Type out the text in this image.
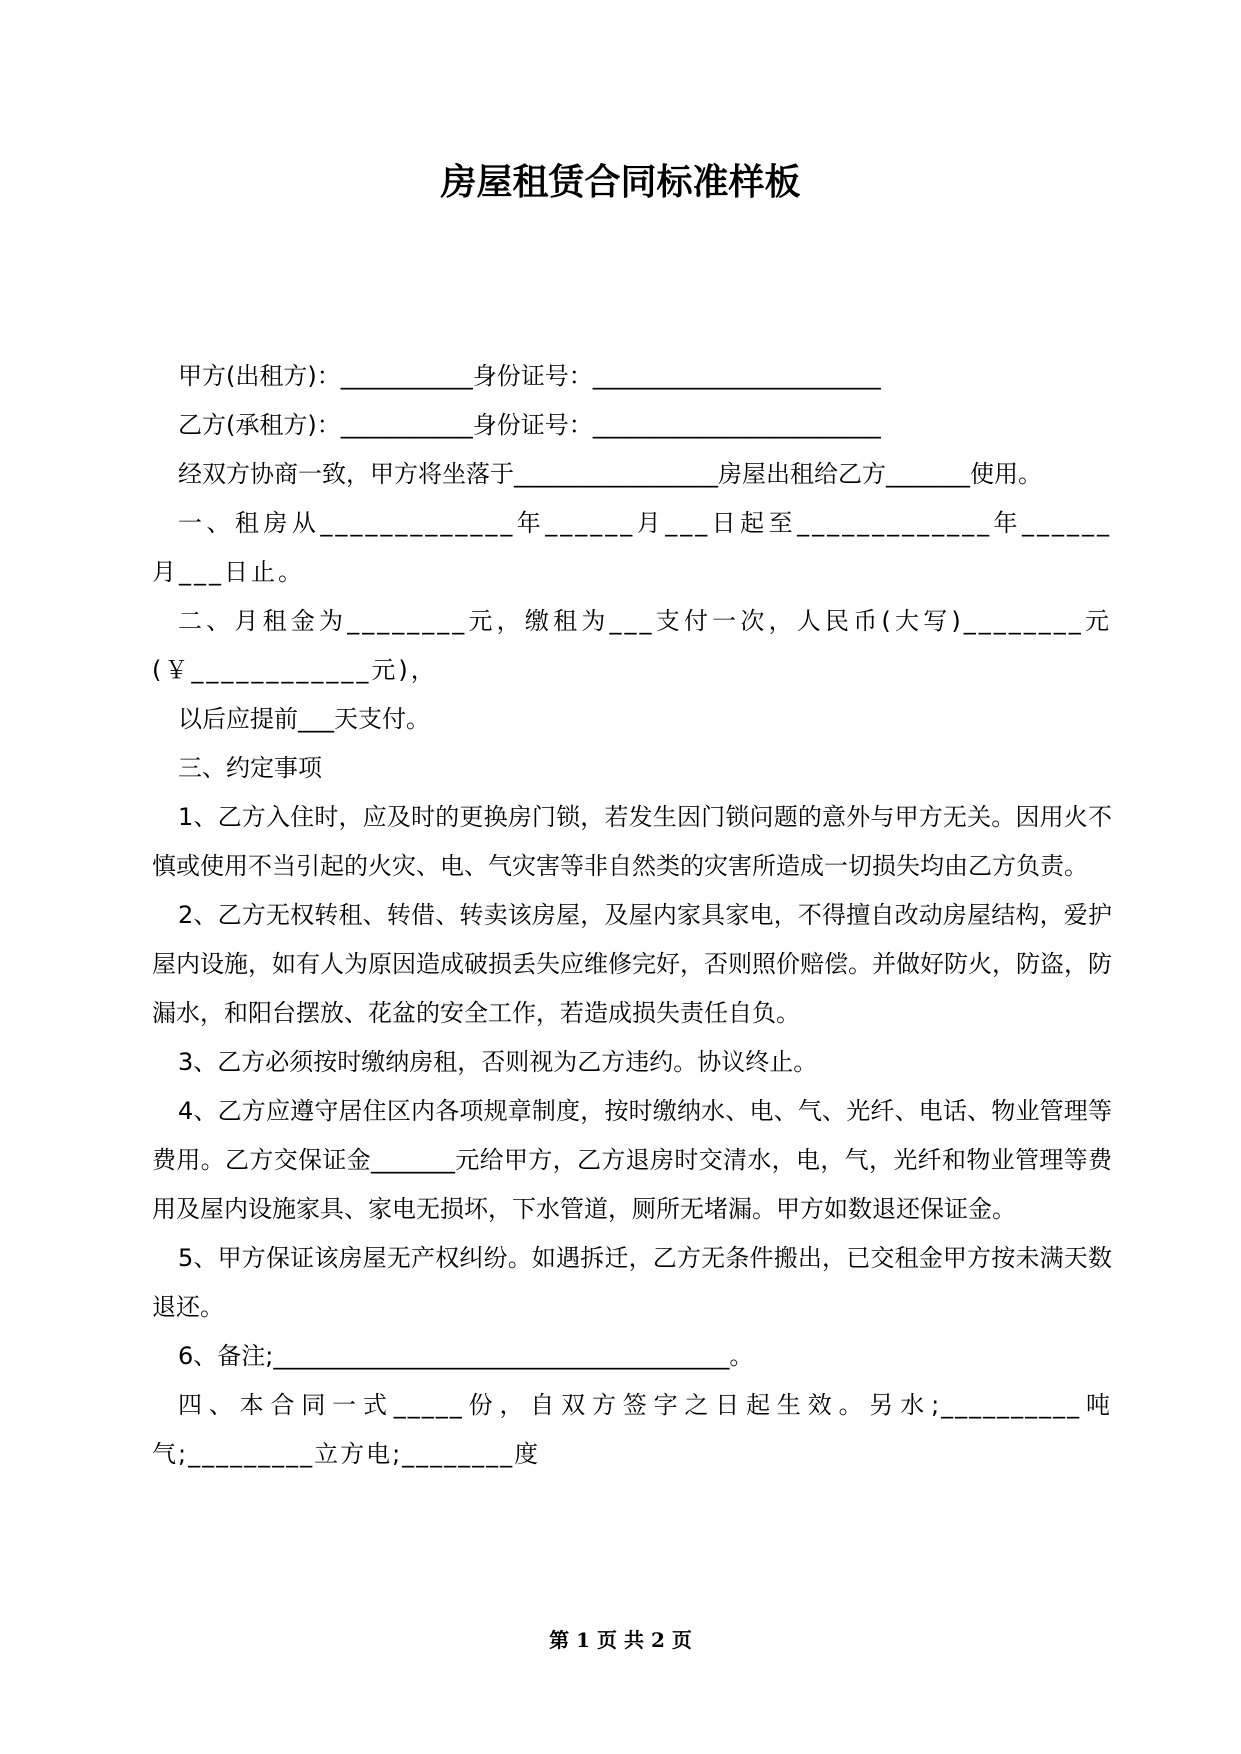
房屋租赁合同标准样板

甲方(出租方)：___________身份证号：________________________

乙方(承租方)：___________身份证号：________________________

经双方协商一致，甲方将坐落于_________________房屋出租给乙方_______使用。

一、租房从_____________年______月___日起至_____________年______月___日止。

二、月租金为________元，缴租为___支付一次，人民币(大写)________元(￥____________元)，

以后应提前___天支付。

三、约定事项

1、乙方入住时，应及时的更换房门锁，若发生因门锁问题的意外与甲方无关。因用火不慎或使用不当引起的火灾、电、气灾害等非自然类的灾害所造成一切损失均由乙方负责。

2、乙方无权转租、转借、转卖该房屋，及屋内家具家电，不得擅自改动房屋结构，爱护屋内设施，如有人为原因造成破损丢失应维修完好，否则照价赔偿。并做好防火，防盗，防漏水，和阳台摆放、花盆的安全工作，若造成损失责任自负。

3、乙方必须按时缴纳房租，否则视为乙方违约。协议终止。

4、乙方应遵守居住区内各项规章制度，按时缴纳水、电、气、光纤、电话、物业管理等费用。乙方交保证金_______元给甲方，乙方退房时交清水，电，气，光纤和物业管理等费用及屋内设施家具、家电无损坏，下水管道，厕所无堵漏。甲方如数退还保证金。

5、甲方保证该房屋无产权纠纷。如遇拆迁，乙方无条件搬出，已交租金甲方按未满天数退还。

6、备注;______________________________________。

四、本合同一式_____份，自双方签字之日起生效。另水;__________吨气;_________立方电;________度

第 1 页 共 2 页
